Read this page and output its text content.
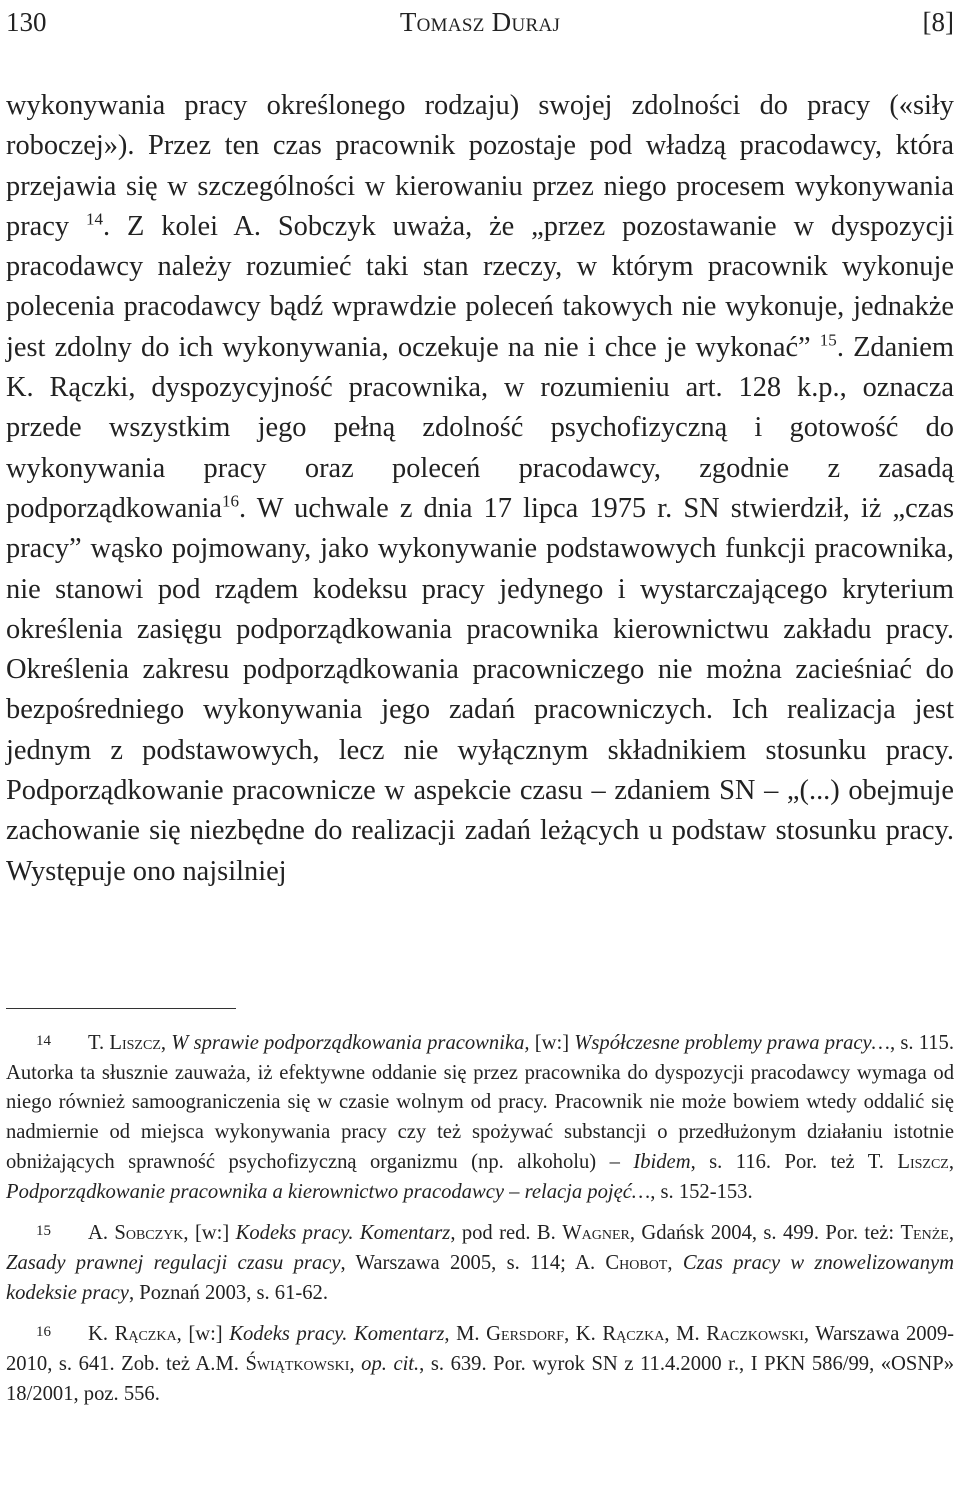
130	Tomasz Duraj	[8]

wykonywania pracy określonego rodzaju) swojej zdolności do pracy («siły roboczej»). Przez ten czas pracownik pozostaje pod władzą pracodawcy, która przejawia się w szczególności w kierowaniu przez niego procesem wykonywania pracy $^{14}$. Z kolei A. Sobczyk uważa, że „przez pozostawanie w dyspozycji pracodawcy należy rozumieć taki stan rzeczy, w którym pracownik wykonuje polecenia pracodawcy bądź wprawdzie poleceń takowych nie wykonuje, jednakże jest zdolny do ich wykonywania, oczekuje na nie i chce je wykonać” $^{15}$. Zdaniem K. Rączki, dyspozycyjność pracownika, w rozumieniu art. 128 k.p., oznacza przede wszystkim jego pełną zdolność psychofizyczną i gotowość do wykonywania pracy oraz poleceń pracodawcy, zgodnie z zasadą podporządkowania$^{16}$. W uchwale z dnia 17 lipca 1975 r. SN stwierdził, iż „czas pracy” wąsko pojmowany, jako wykonywanie podstawowych funkcji pracownika, nie stanowi pod rządem kodeksu pracy jedynego i wystarczającego kryterium określenia zasięgu podporządkowania pracownika kierownictwu zakładu pracy. Określenia zakresu podporządkowania pracowniczego nie można zacieśniać do bezpośredniego wykonywania jego zadań pracowniczych. Ich realizacja jest jednym z podstawowych, lecz nie wyłącznym składnikiem stosunku pracy. Podporządkowanie pracownicze w aspekcie czasu – zdaniem SN – „(...) obejmuje zachowanie się niezbędne do realizacji zadań leżących u podstaw stosunku pracy. Występuje ono najsilniej

14 T. Liszcz, W sprawie podporządkowania pracownika, [w:] Współczesne problemy prawa pracy…, s. 115. Autorka ta słusznie zauważa, iż efektywne oddanie się przez pracownika do dyspozycji pracodawcy wymaga od niego również samoograniczenia się w czasie wolnym od pracy. Pracownik nie może bowiem wtedy oddalić się nadmiernie od miejsca wykonywania pracy czy też spożywać substancji o przedłużonym działaniu istotnie obniżających sprawność psychofizyczną organizmu (np. alkoholu) – Ibidem, s. 116. Por. też T. Liszcz, Podporządkowanie pracownika a kierownictwo pracodawcy – relacja pojęć…, s. 152-153.

15 A. Sobczyk, [w:] Kodeks pracy. Komentarz, pod red. B. Wagner, Gdańsk 2004, s. 499. Por. też: Tenże, Zasady prawnej regulacji czasu pracy, Warszawa 2005, s. 114; A. Chobot, Czas pracy w znowelizowanym kodeksie pracy, Poznań 2003, s. 61-62.

16 K. Rączka, [w:] Kodeks pracy. Komentarz, M. Gersdorf, K. Rączka, M. Raczkowski, Warszawa 2009-2010, s. 641. Zob. też A.M. Świątkowski, op. cit., s. 639. Por. wyrok SN z 11.4.2000 r., I PKN 586/99, «OSNP» 18/2001, poz. 556.
